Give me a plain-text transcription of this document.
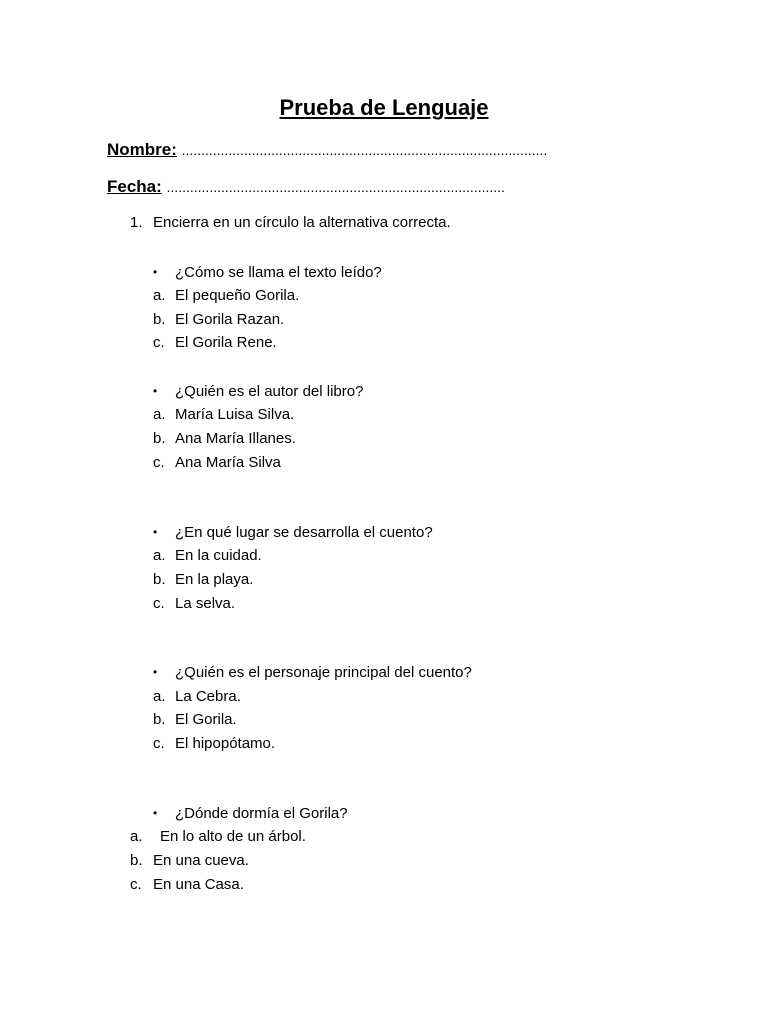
Prueba de Lenguaje
Nombre: ..............................................................................................
Fecha: .......................................................................................
1. Encierra en un círculo la alternativa correcta.
• ¿Cómo se llama el texto leído?
a. El pequeño Gorila.
b. El Gorila Razan.
c. El Gorila Rene.
• ¿Quién es el autor del libro?
a. María Luisa Silva.
b. Ana María Illanes.
c. Ana María Silva
• ¿En qué lugar se desarrolla el cuento?
a. En la cuidad.
b. En la playa.
c. La selva.
• ¿Quién es el personaje principal del cuento?
a. La Cebra.
b. El Gorila.
c. El hipopótamo.
• ¿Dónde dormía el Gorila?
a. En lo alto de un árbol.
b. En una cueva.
c. En una Casa.
